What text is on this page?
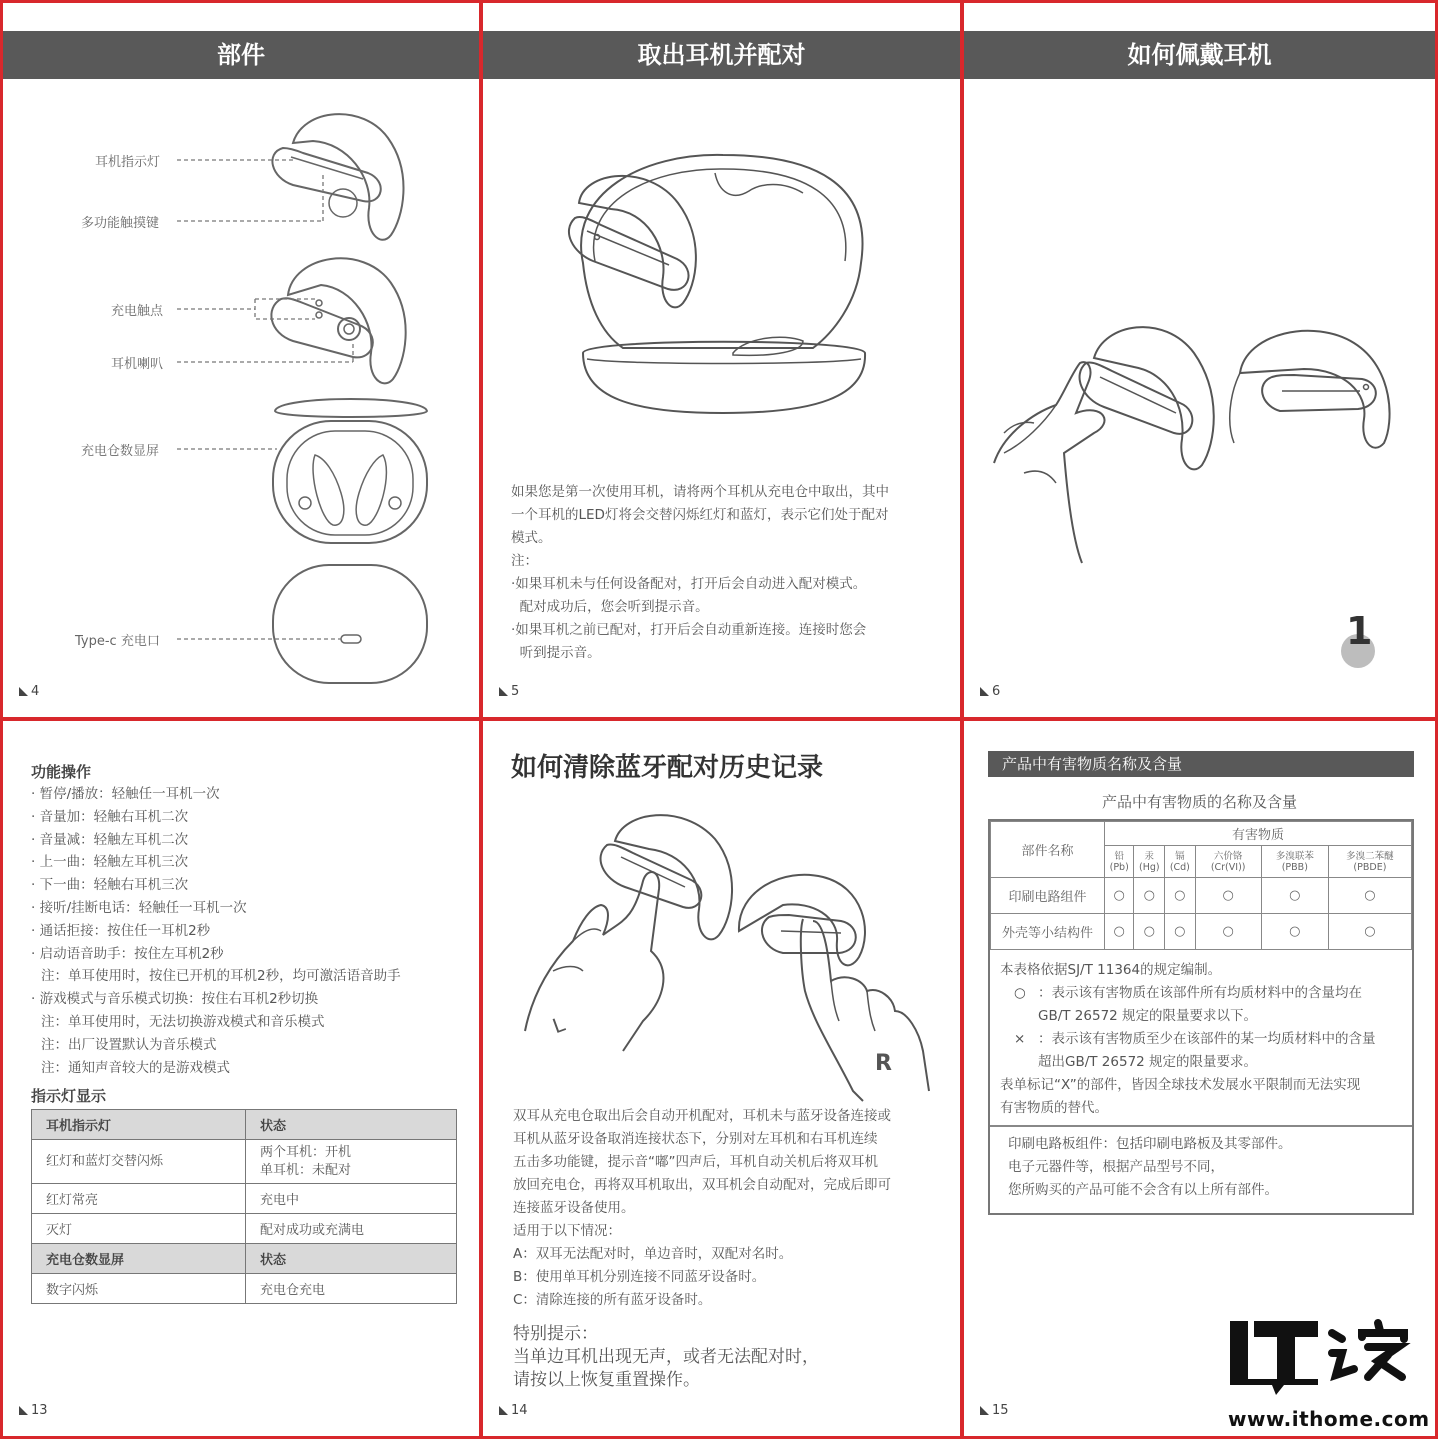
部件
耳机指示灯
多功能触摸键
充电触点
耳机喇叭
充电仓数显屏
Type-c 充电口
4
取出耳机并配对
如果您是第一次使用耳机，请将两个耳机从充电仓中取出，其中
一个耳机的LED灯将会交替闪烁红灯和蓝灯，表示它们处于配对
模式。
注：
·如果耳机未与任何设备配对，打开后会自动进入配对模式。
配对成功后，您会听到提示音。
·如果耳机之前已配对，打开后会自动重新连接。连接时您会
听到提示音。
5
如何佩戴耳机
1
6
功能操作
· 暂停/播放：轻触任一耳机一次
· 音量加：轻触右耳机二次
· 音量减：轻触左耳机二次
· 上一曲：轻触左耳机三次
· 下一曲：轻触右耳机三次
· 接听/挂断电话：轻触任一耳机一次
· 通话拒接：按住任一耳机2秒
· 启动语音助手：按住左耳机2秒
注：单耳使用时，按住已开机的耳机2秒，均可激活语音助手
· 游戏模式与音乐模式切换：按住右耳机2秒切换
注：单耳使用时，无法切换游戏模式和音乐模式
注：出厂设置默认为音乐模式
注：通知声音较大的是游戏模式
指示灯显示
耳机指示灯	状态
红灯和蓝灯交替闪烁	两个耳机：开机
单耳机：未配对

红灯常亮	充电中
灭灯	配对成功或充满电
充电仓数显屏	状态
数字闪烁	充电仓充电
13
如何清除蓝牙配对历史记录
L
R
双耳从充电仓取出后会自动开机配对，耳机未与蓝牙设备连接或
耳机从蓝牙设备取消连接状态下，分别对左耳机和右耳机连续
五击多功能键，提示音“嘟”四声后，耳机自动关机后将双耳机
放回充电仓，再将双耳机取出，双耳机会自动配对，完成后即可
连接蓝牙设备使用。
适用于以下情况：
A：双耳无法配对时，单边音时，双配对名时。
B：使用单耳机分别连接不同蓝牙设备时。
C：清除连接的所有蓝牙设备时。
特别提示：
当单边耳机出现无声，或者无法配对时，
请按以上恢复重置操作。
14
产品中有害物质名称及含量
产品中有害物质的名称及含量
部件名称	有害物质					
	铅(Pb)	汞(Hg)	镉(Cd)	六价铬 (Cr(VI))	多溴联苯 (PBB)	多溴二苯醚 (PBDE)
印刷电路组件	○	○	○	○	○	○
外壳等小结构件	○	○	○	○	○	○
本表格依据SJ/T 11364的规定编制。
○ ：表示该有害物质在该部件所有均质材料中的含量均在
GB/T 26572 规定的限量要求以下。
× ：表示该有害物质至少在该部件的某一均质材料中的含量
超出GB/T 26572 规定的限量要求。
表单标记“X”的部件，皆因全球技术发展水平限制而无法实现
有害物质的替代。
印刷电路板组件：包括印刷电路板及其零部件。
电子元器件等，根据产品型号不同，
您所购买的产品可能不会含有以上所有部件。
www.ithome.com
15
